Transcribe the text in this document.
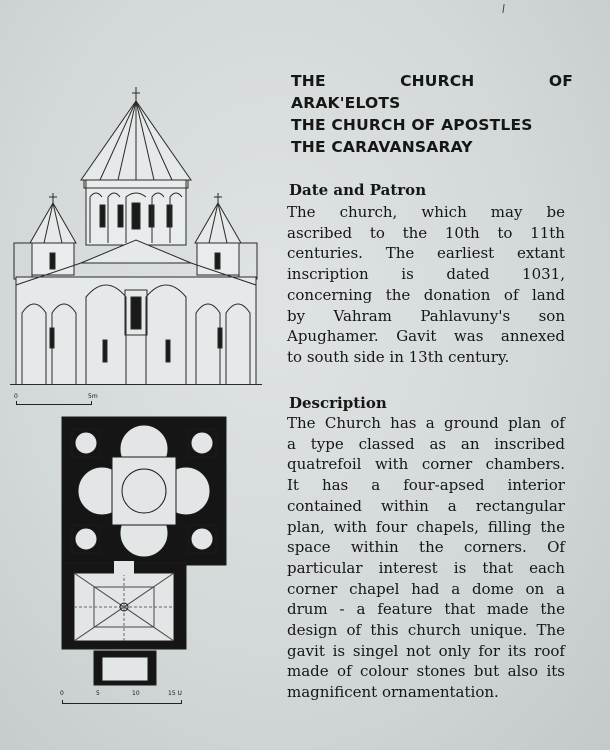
0	5m
0	5	10	15 Ս
THE	CHURCH	OF
ARAK'ELOTS
THE CHURCH OF APOSTLES
THE CARAVANSARAY
Date and Patron
The church, which may be
ascribed to the 10th to 11th
centuries. The earliest extant
inscription is dated 1031,
concerning the donation of land
by Vahram Pahlavuny's son
Apughamer. Gavit was annexed
to south side in 13th century.
Description
The Church has a ground plan of
a type classed as an inscribed
quatrefoil with corner chambers.
It has a four-apsed interior
contained within a rectangular
plan, with four chapels, filling the
space within the corners. Of
particular interest is that each
corner chapel had a dome on a
drum - a feature that made the
design of this church unique. The
gavit is singel not only for its roof
made of colour stones but also its
magnificent ornamentation.
